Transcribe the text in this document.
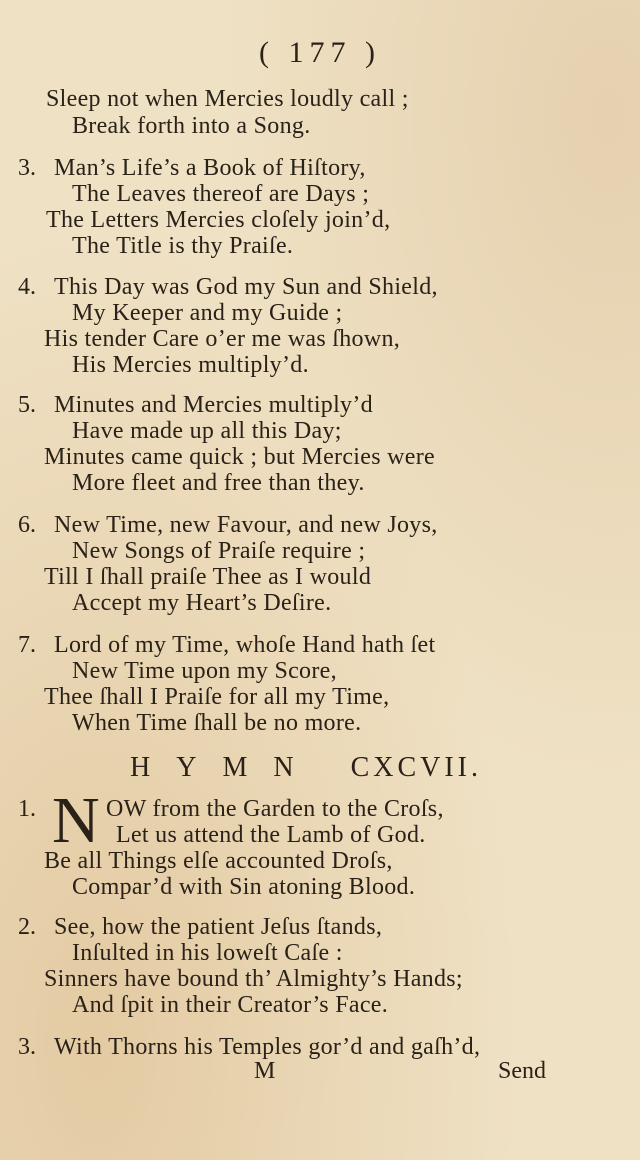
( 177 )
Sleep not when Mercies loudly call ;
Break forth into a Song.
3. Man’s Life’s a Book of Hiſtory,
The Leaves thereof are Days ;
The Letters Mercies cloſely join’d,
The Title is thy Praiſe.
4. This Day was God my Sun and Shield,
My Keeper and my Guide ;
His tender Care o’er me was ſhown,
His Mercies multiply’d.
5. Minutes and Mercies multiply’d
Have made up all this Day;
Minutes came quick ; but Mercies were
More fleet and free than they.
6. New Time, new Favour, and new Joys,
New Songs of Praiſe require ;
Till I ſhall praiſe Thee as I would
Accept my Heart’s Deſire.
7. Lord of my Time, whoſe Hand hath ſet
New Time upon my Score,
Thee ſhall I Praiſe for all my Time,
When Time ſhall be no more.
HYMN CXCVII.
1. N OW from the Garden to the Croſs,
Let us attend the Lamb of God.
Be all Things elſe accounted Droſs,
Compar’d with Sin atoning Blood.
2. See, how the patient Jeſus ſtands,
Inſulted in his loweſt Caſe :
Sinners have bound th’ Almighty’s Hands;
And ſpit in their Creator’s Face.
3. With Thorns his Temples gor’d and gaſh’d,
M	Send
